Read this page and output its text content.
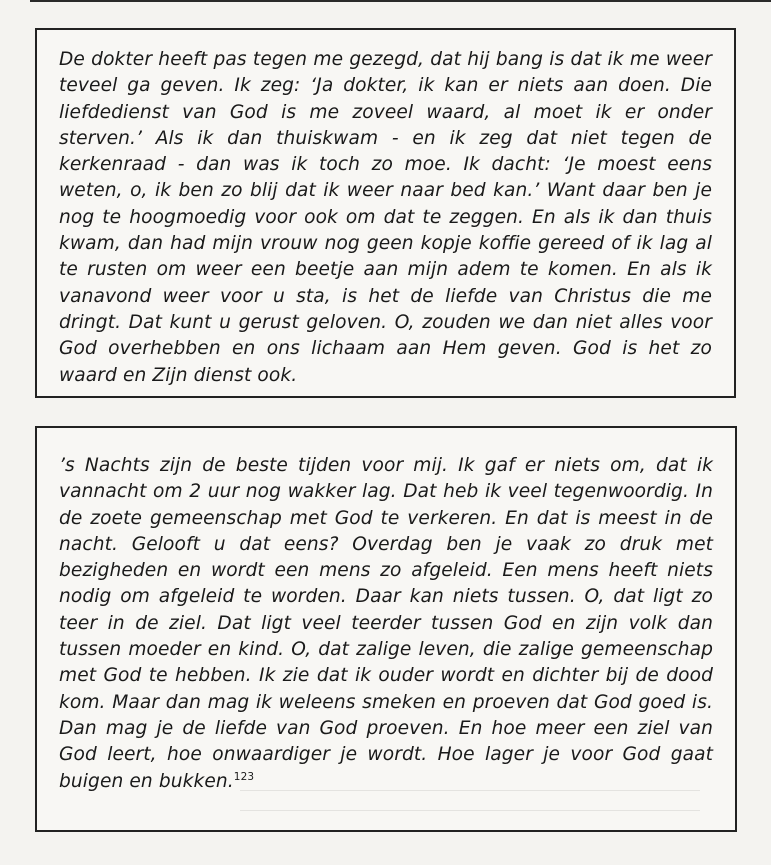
De dokter heeft pas tegen me gezegd, dat hij bang is dat ik me weer teveel ga geven. Ik zeg: ‘Ja dokter, ik kan er niets aan doen. Die liefdedienst van God is me zoveel waard, al moet ik er onder sterven.’ Als ik dan thuiskwam - en ik zeg dat niet tegen de kerkenraad - dan was ik toch zo moe. Ik dacht: ‘Je moest eens weten, o, ik ben zo blij dat ik weer naar bed kan.’ Want daar ben je nog te hoogmoedig voor ook om dat te zeggen. En als ik dan thuis kwam, dan had mijn vrouw nog geen kopje koffie gereed of ik lag al te rusten om weer een beetje aan mijn adem te komen. En als ik vanavond weer voor u sta, is het de liefde van Christus die me dringt. Dat kunt u gerust geloven. O, zouden we dan niet alles voor God overhebben en ons lichaam aan Hem geven. God is het zo waard en Zijn dienst ook.

’s Nachts zijn de beste tijden voor mij. Ik gaf er niets om, dat ik vannacht om 2 uur nog wakker lag. Dat heb ik veel tegenwoordig. In de zoete gemeenschap met God te verkeren. En dat is meest in de nacht. Gelooft u dat eens? Overdag ben je vaak zo druk met bezigheden en wordt een mens zo afgeleid. Een mens heeft niets nodig om afgeleid te worden. Daar kan niets tussen. O, dat ligt zo teer in de ziel. Dat ligt veel teerder tussen God en zijn volk dan tussen moeder en kind. O, dat zalige leven, die zalige gemeenschap met God te hebben. Ik zie dat ik ouder wordt en dichter bij de dood kom. Maar dan mag ik weleens smeken en proeven dat God goed is. Dan mag je de liefde van God proeven. En hoe meer een ziel van God leert, hoe onwaardiger je wordt. Hoe lager je voor God gaat buigen en bukken.$^{123}$
